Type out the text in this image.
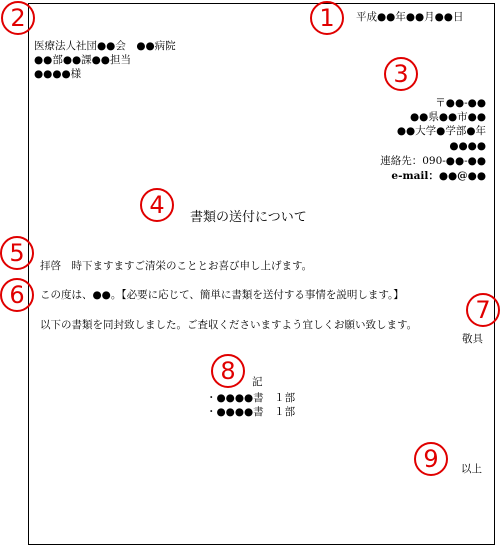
平成●●年●●月●●日
医療法人社団●●会　●●病院
●●部●●課●●担当
●●●●様
〒●●-●●
●●県●●市●●
●●大学●学部●年
●●●●
連絡先：090-●●-●●
e-mail：●●@●●
書類の送付について
拝啓　時下ますますご清栄のこととお喜び申し上げます。
この度は、●●。【必要に応じて、簡単に書類を送付する事情を説明します。】
以下の書類を同封致しました。ご査収くださいますよう宜しくお願い致します。
敬具
記
・●●●●書　１部
・●●●●書　１部
以上
1
2
3
4
5
6
7
8
9
